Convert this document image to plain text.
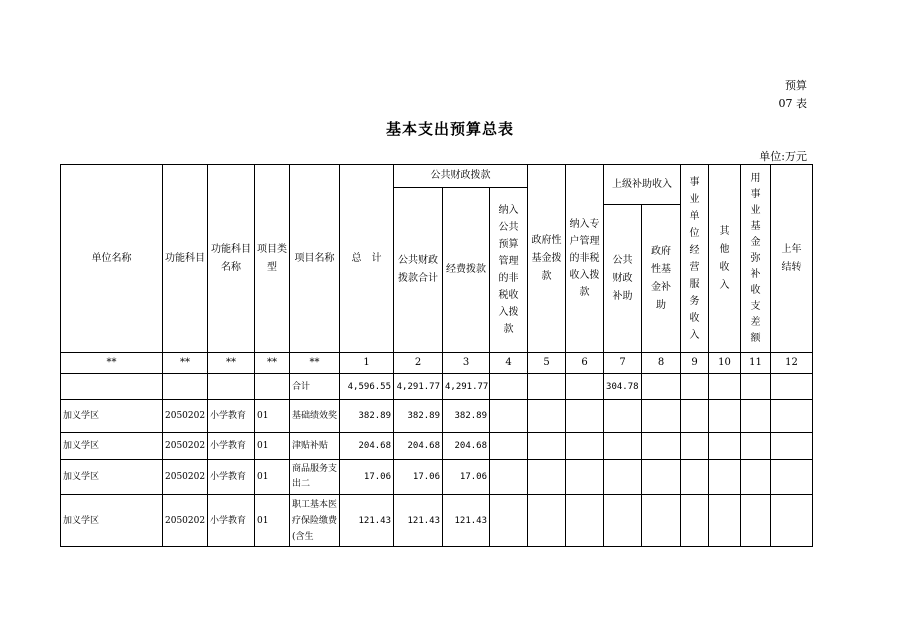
预算
07 表
基本支出预算总表
单位:万元
单位名称	功能科目	功能科目名称	项目类型	项目名称	总　计	公共财政拨款			政府性基金拨款	纳入专户管理的非税收入拨款	上级补助收入		事业单位经营服务收入	其他收入	用事业基金弥补收支差额	上年结转
						公共财政拨款合计	经费拨款	纳入公共预算管理的非税收入拨款								
											公共财政补助	政府性基金补助				
**	**	**	**	**	1	2	3	4	5	6	7	8	9	10	11	12
				合计	4,596.55	4,291.77	4,291.77				304.78					
加义学区	2050202	小学教育	01	基础绩效奖	382.89	382.89	382.89									
加义学区	2050202	小学教育	01	津贴补贴	204.68	204.68	204.68									
加义学区	2050202	小学教育	01	商品服务支出二	17.06	17.06	17.06									
加义学区	2050202	小学教育	01	职工基本医疗保险缴费(含生	121.43	121.43	121.43									
